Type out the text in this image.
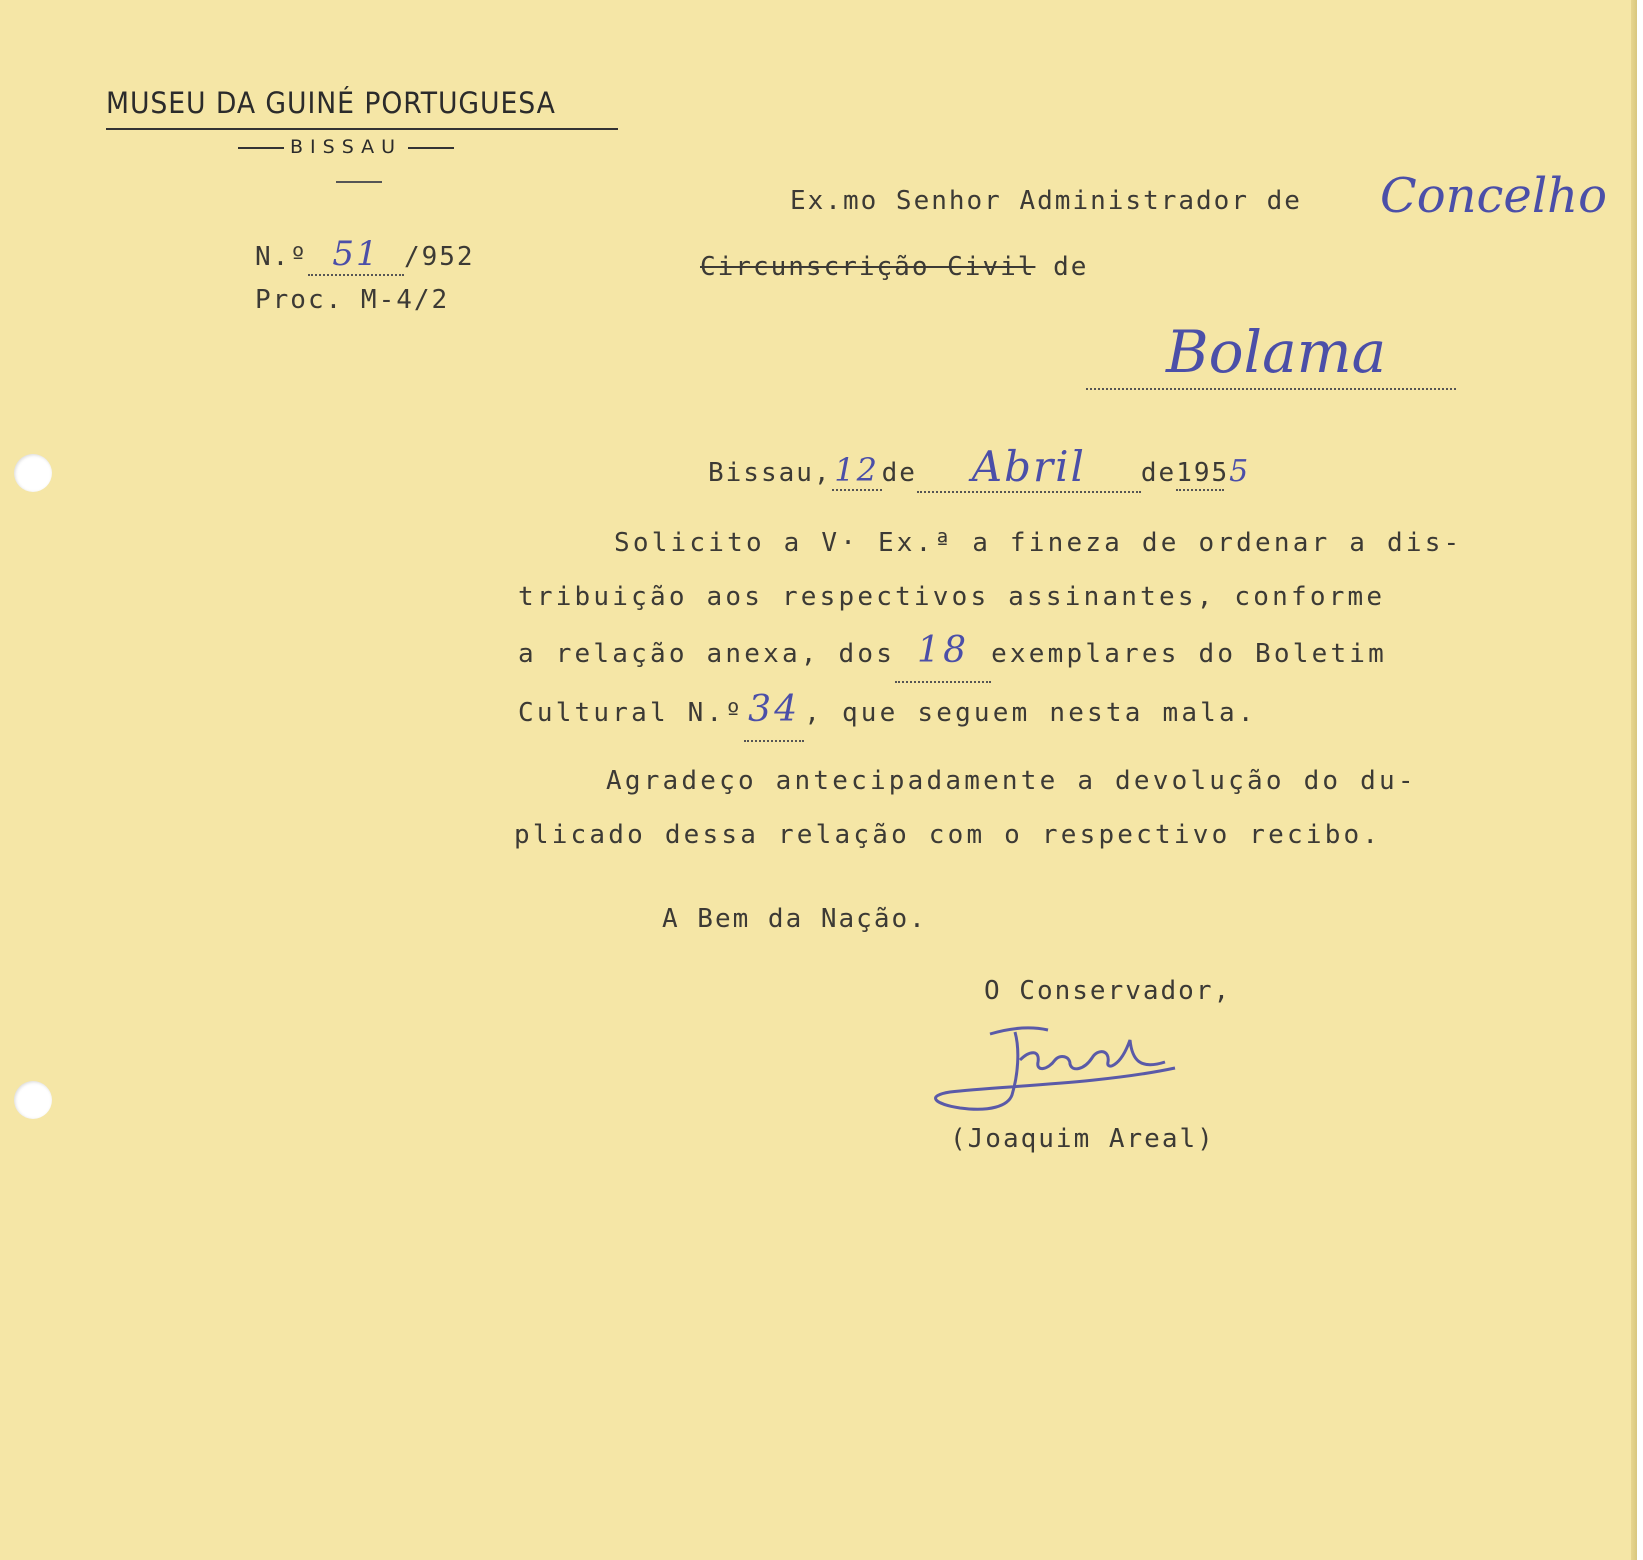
MUSEU DA GUINÉ PORTUGUESA
BISSAU
N.º 51 /952
Proc. M-4/2
Ex.mo Senhor Administrador de Concelho
Circunscrição Civil de
Bolama
Bissau,12 de Abril de1955
Solicito a V· Ex.ª a fineza de ordenar a dis-
tribuição aos respectivos assinantes, conforme
a relação anexa, dos 18 exemplares do Boletim
Cultural N.º 34 , que seguem nesta mala.
Agradeço antecipadamente a devolução do du-
plicado dessa relação com o respectivo recibo.
A Bem da Nação.
O Conservador,
(Joaquim Areal)
